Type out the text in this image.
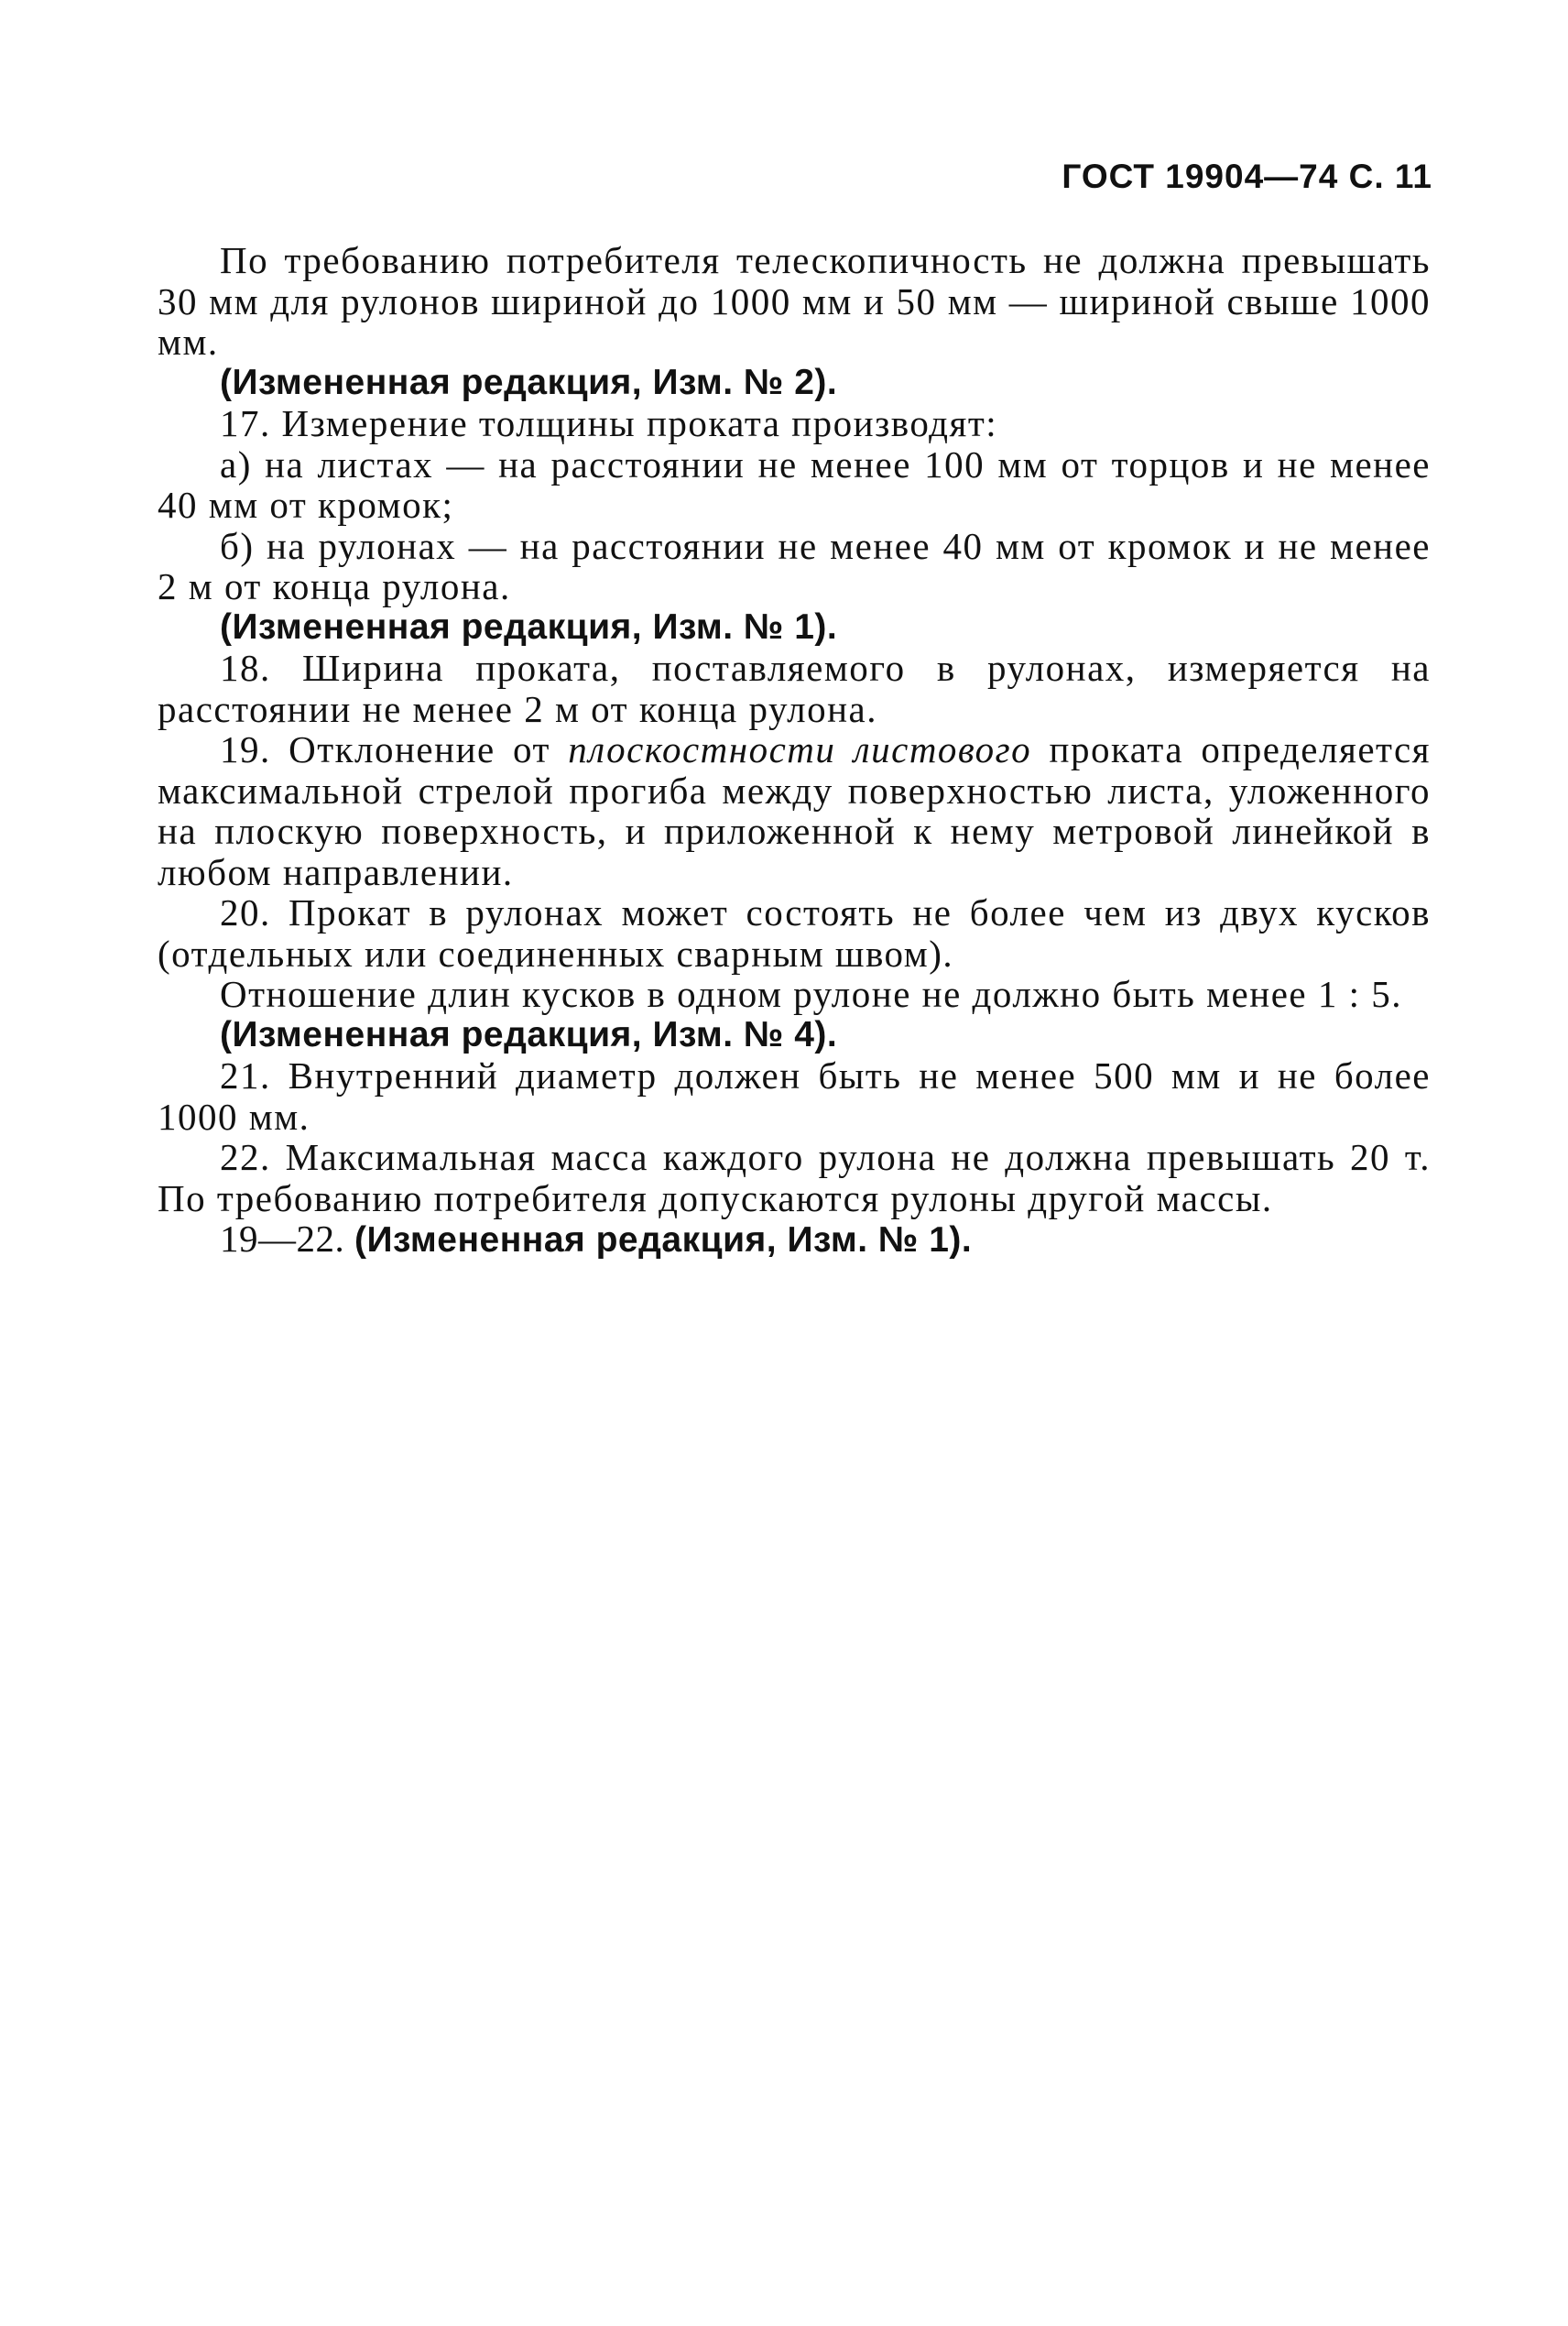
ГОСТ 19904—74 С. 11

По требованию потребителя телескопичность не должна превышать 30 мм для рулонов шириной до 1000 мм и 50 мм — шириной свыше 1000 мм.

(Измененная редакция, Изм. № 2).

17. Измерение толщины проката производят:

а) на листах — на расстоянии не менее 100 мм от торцов и не менее 40 мм от кромок;

б) на рулонах — на расстоянии не менее 40 мм от кромок и не менее 2 м от конца рулона.

(Измененная редакция, Изм. № 1).

18. Ширина проката, поставляемого в рулонах, измеряется на расстоянии не менее 2 м от конца рулона.

19. Отклонение от плоскостности листового проката определяется максимальной стрелой прогиба между поверхностью листа, уложенного на плоскую поверхность, и приложенной к нему метровой линейкой в любом направлении.

20. Прокат в рулонах может состоять не более чем из двух кусков (отдельных или соединенных сварным швом).

Отношение длин кусков в одном рулоне не должно быть менее 1 : 5.

(Измененная редакция, Изм. № 4).

21. Внутренний диаметр должен быть не менее 500 мм и не более 1000 мм.

22. Максимальная масса каждого рулона не должна превышать 20 т. По требованию потребителя допускаются рулоны другой массы.

19—22. (Измененная редакция, Изм. № 1).
